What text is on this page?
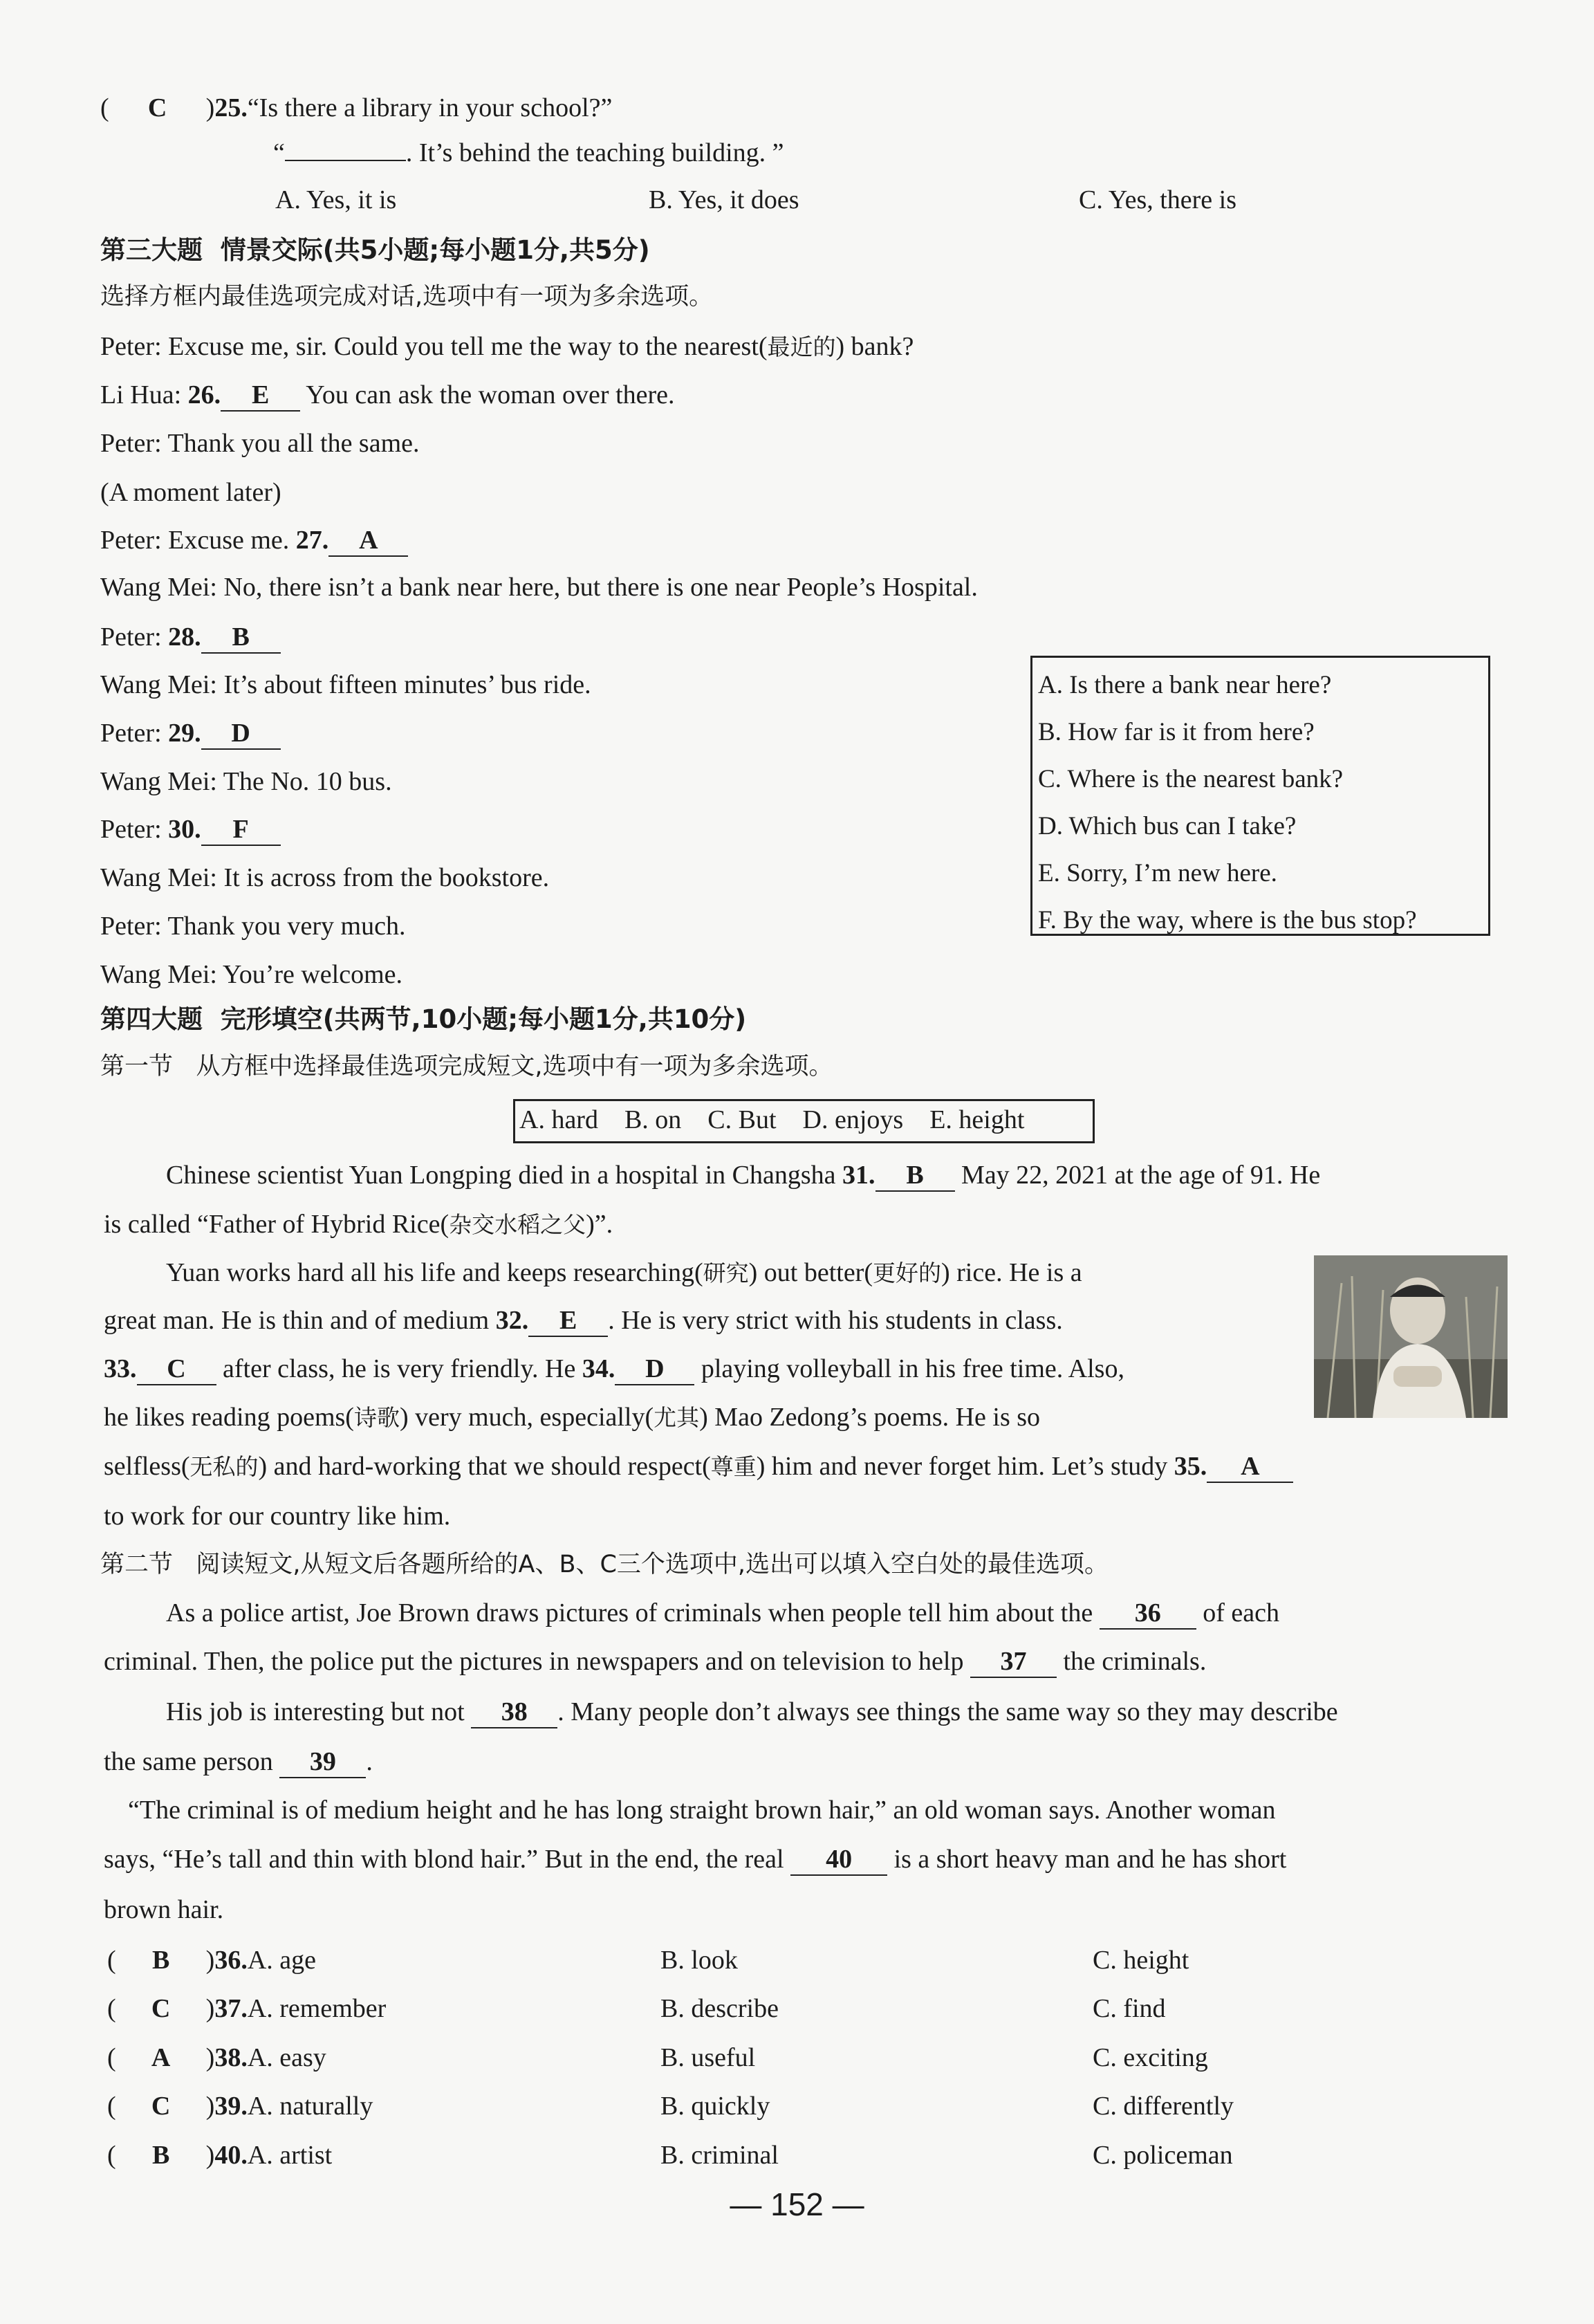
( C )25.“Is there a library in your school?”
“	. It’s behind the teaching building. ”
A. Yes, it is	B. Yes, it does	C. Yes, there is
第三大题 情景交际(共5小题;每小题1分,共5分)
选择方框内最佳选项完成对话,选项中有一项为多余选项。
Peter: Excuse me, sir. Could you tell me the way to the nearest(最近的) bank?
Li Hua: 26. E You can ask the woman over there.
Peter: Thank you all the same.
(A moment later)
Peter: Excuse me. 27. A
Wang Mei: No, there isn’t a bank near here, but there is one near People’s Hospital.
Peter: 28. B
Wang Mei: It’s about fifteen minutes’ bus ride.
Peter: 29. D
Wang Mei: The No. 10 bus.
Peter: 30. F
Wang Mei: It is across from the bookstore.
Peter: Thank you very much.
Wang Mei: You’re welcome.
A. Is there a bank near here?
B. How far is it from here?
C. Where is the nearest bank?
D. Which bus can I take?
E. Sorry, I’m new here.
F. By the way, where is the bus stop?
第四大题 完形填空(共两节,10小题;每小题1分,共10分)
第一节 从方框中选择最佳选项完成短文,选项中有一项为多余选项。
A. hard    B. on    C. But    D. enjoys    E. height
Chinese scientist Yuan Longping died in a hospital in Changsha 31. B May 22, 2021 at the age of 91. He
is called “Father of Hybrid Rice(杂交水稻之父)”.
Yuan works hard all his life and keeps researching(研究) out better(更好的) rice. He is a
great man. He is thin and of medium 32. E . He is very strict with his students in class.
33. C after class, he is very friendly. He 34. D playing volleyball in his free time. Also,
he likes reading poems(诗歌) very much, especially(尤其) Mao Zedong’s poems. He is so
selfless(无私的) and hard-working that we should respect(尊重) him and never forget him. Let’s study 35. A
to work for our country like him.
第二节 阅读短文,从短文后各题所给的A、B、C三个选项中,选出可以填入空白处的最佳选项。
As a police artist, Joe Brown draws pictures of criminals when people tell him about the 36 of each
criminal. Then, the police put the pictures in newspapers and on television to help 37 the criminals.
His job is interesting but not 38 . Many people don’t always see things the same way so they may describe
the same person 39 .
“The criminal is of medium height and he has long straight brown hair,” an old woman says. Another woman
says, “He’s tall and thin with blond hair.” But in the end, the real 40 is a short heavy man and he has short
brown hair.
( B )36.A. age	B. look	C. height
( C )37.A. remember	B. describe	C. find
( A )38.A. easy	B. useful	C. exciting
( C )39.A. naturally	B. quickly	C. differently
( B )40.A. artist	B. criminal	C. policeman
— 152 —
